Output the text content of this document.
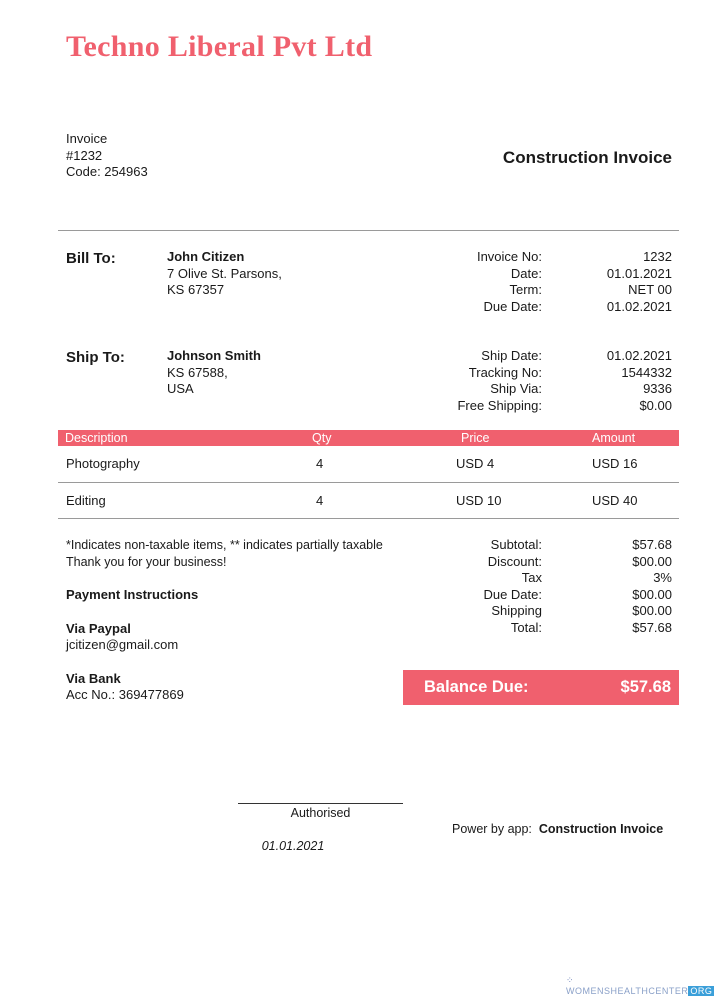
Techno Liberal Pvt Ltd
Invoice
#1232
Code: 254963
Construction Invoice
Bill To:	John Citizen
7 Olive St. Parsons,
KS 67357
Invoice No:	1232
Date:	01.01.2021
Term:	NET 00
Due Date:	01.02.2021
Ship To:	Johnson Smith
KS 67588,
USA
Ship Date:	01.02.2021
Tracking No:	1544332
Ship Via:	9336
Free Shipping:	$0.00
Description	Qty	Price	Amount
Photography	4	USD 4	USD 16
Editing	4	USD 10	USD 40
*Indicates non-taxable items, ** indicates partially taxable
Thank you for your business!
Payment Instructions
Via Paypal
jcitizen@gmail.com
Via Bank
Acc No.: 369477869
Subtotal:	$57.68
Discount:	$00.00
Tax	3%
Due Date:	$00.00
Shipping	$00.00
Total:	$57.68
Balance Due:	$57.68
Authorised
01.01.2021
Power by app: Construction Invoice
⁘ WOMENSHEALTHCENTER ORG
